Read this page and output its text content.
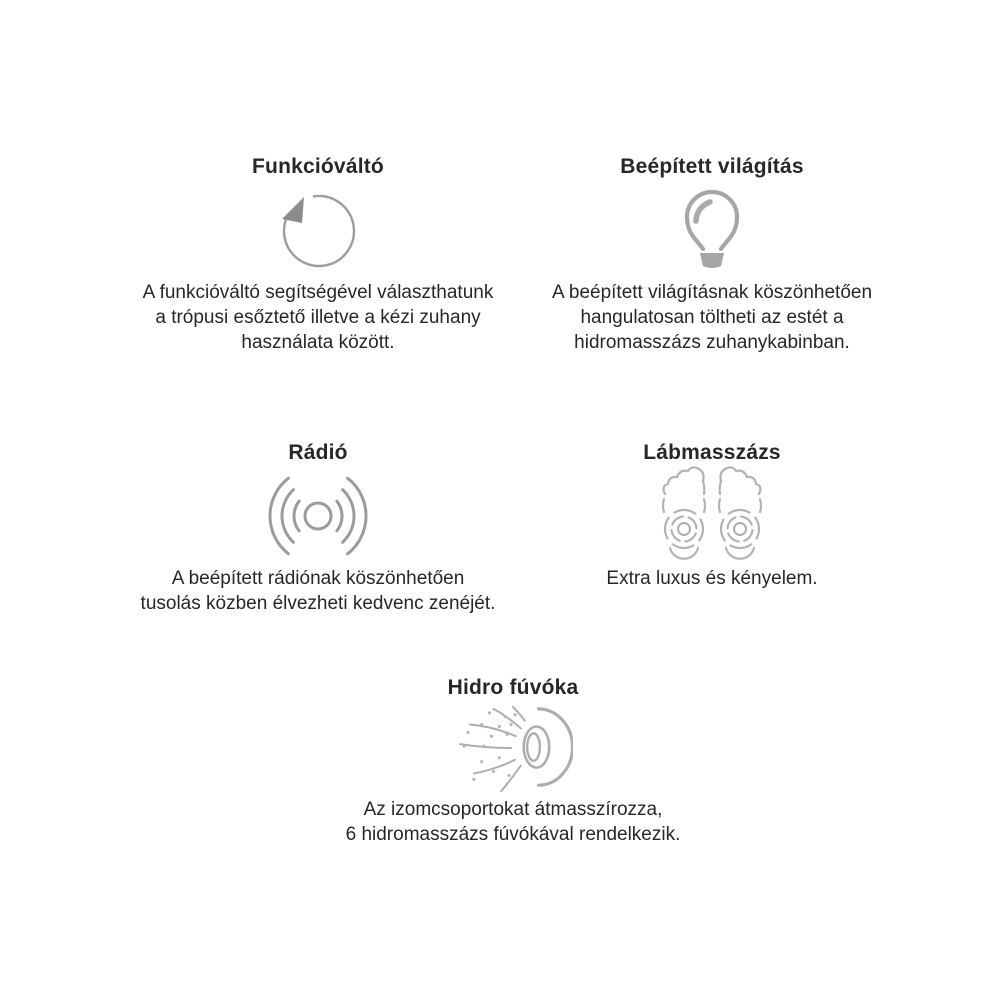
Funkcióváltó
A funkcióváltó segítségével választhatunk
a trópusi esőztető illetve a kézi zuhany
használata között.
Beépített világítás
A beépített világításnak köszönhetően
hangulatosan töltheti az estét a
hidromasszázs zuhanykabinban.
Rádió
A beépített rádiónak köszönhetően
tusolás közben élvezheti kedvenc zenéjét.
Lábmasszázs
Extra luxus és kényelem.
Hidro fúvóka
Az izomcsoportokat átmasszírozza,
6 hidromasszázs fúvókával rendelkezik.
